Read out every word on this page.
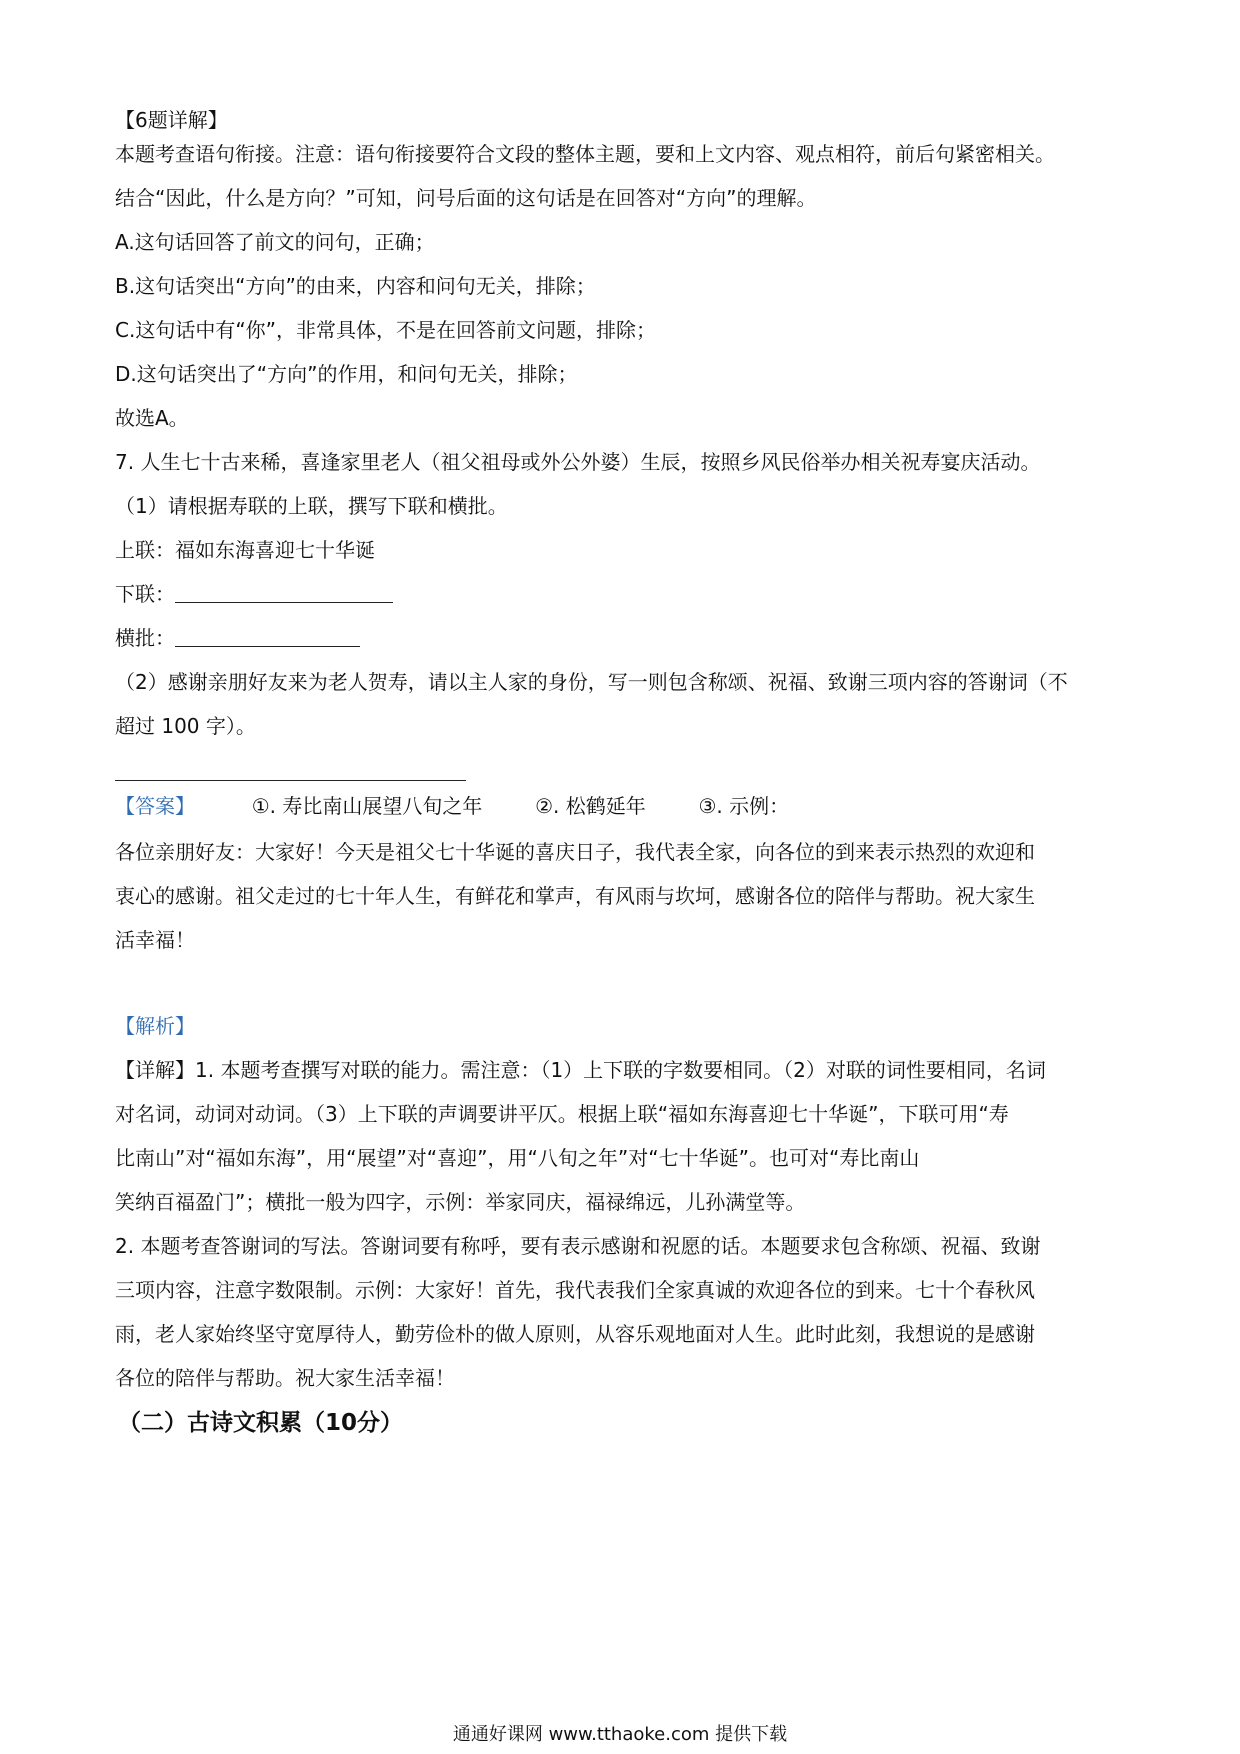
【6题详解】
本题考查语句衔接。注意：语句衔接要符合文段的整体主题，要和上文内容、观点相符，前后句紧密相关。
结合“因此，什么是方向？”可知，问号后面的这句话是在回答对“方向”的理解。
A.这句话回答了前文的问句，正确；
B.这句话突出“方向”的由来，内容和问句无关，排除；
C.这句话中有“你”，非常具体，不是在回答前文问题，排除；
D.这句话突出了“方向”的作用，和问句无关，排除；
故选A。
7. 人生七十古来稀，喜逢家里老人（祖父祖母或外公外婆）生辰，按照乡风民俗举办相关祝寿宴庆活动。
（1）请根据寿联的上联，撰写下联和横批。
上联：福如东海喜迎七十华诞
下联：
横批：
（2）感谢亲朋好友来为老人贺寿，请以主人家的身份，写一则包含称颂、祝福、致谢三项内容的答谢词（不
超过 100 字）。
【答案】	①. 寿比南山展望八旬之年	②. 松鹤延年	③. 示例：
各位亲朋好友：大家好！今天是祖父七十华诞的喜庆日子，我代表全家，向各位的到来表示热烈的欢迎和
衷心的感谢。祖父走过的七十年人生，有鲜花和掌声，有风雨与坎坷，感谢各位的陪伴与帮助。祝大家生
活幸福！
【解析】
【详解】1. 本题考查撰写对联的能力。需注意：（1）上下联的字数要相同。（2）对联的词性要相同，名词
对名词，动词对动词。（3）上下联的声调要讲平仄。根据上联“福如东海喜迎七十华诞”，下联可用“寿
比南山”对“福如东海”，用“展望”对“喜迎”，用“八旬之年”对“七十华诞”。也可对“寿比南山
笑纳百福盈门”；横批一般为四字，示例：举家同庆，福禄绵远，儿孙满堂等。
2. 本题考查答谢词的写法。答谢词要有称呼，要有表示感谢和祝愿的话。本题要求包含称颂、祝福、致谢
三项内容，注意字数限制。示例：大家好！首先，我代表我们全家真诚的欢迎各位的到来。七十个春秋风
雨，老人家始终坚守宽厚待人，勤劳俭朴的做人原则，从容乐观地面对人生。此时此刻，我想说的是感谢
各位的陪伴与帮助。祝大家生活幸福！
（二）古诗文积累（10分）
通通好课网 www.tthaoke.com 提供下载
